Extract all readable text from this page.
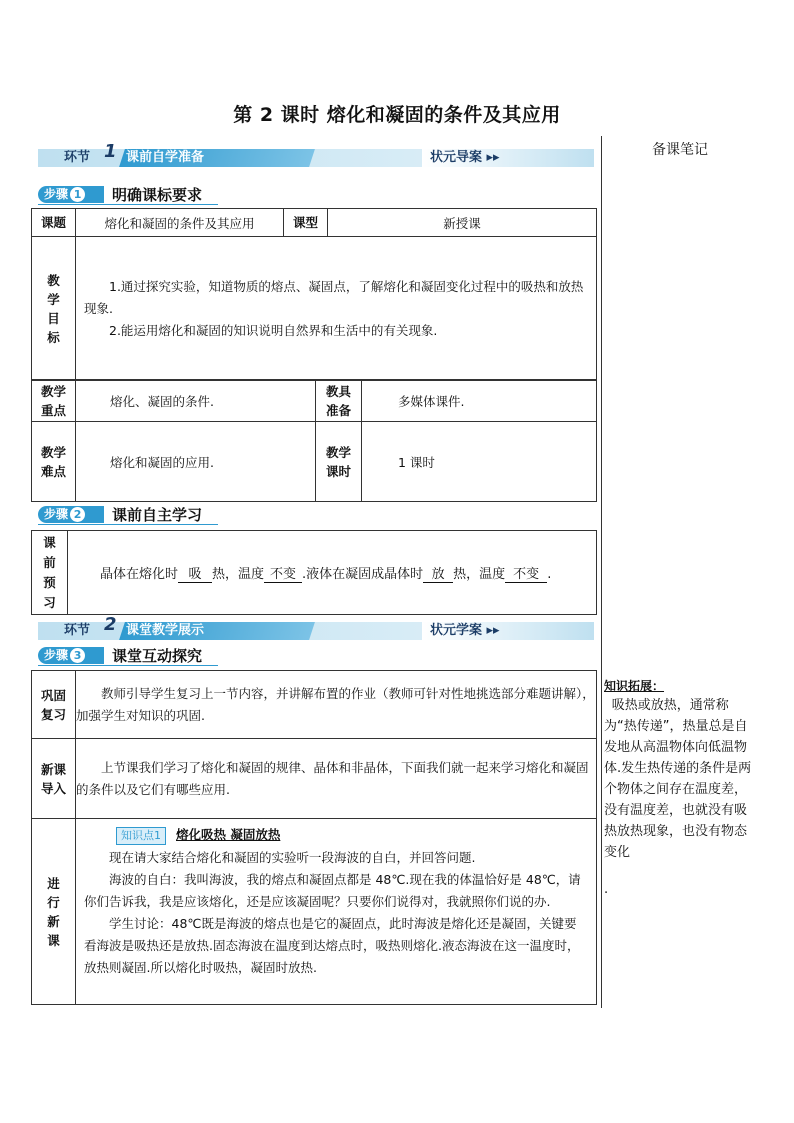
第 2 课时 熔化和凝固的条件及其应用
备课笔记
环节 1 课前自学准备	状元导案 ▸▸
步骤 1	明确课标要求
课题	熔化和凝固的条件及其应用	课型	新授课
教学目标	1.通过探究实验，知道物质的熔点、凝固点，了解熔化和凝固变化过程中的吸热和放热现象.
2.能运用熔化和凝固的知识说明自然界和生活中的有关现象.		
教学重点	熔化、凝固的条件.	教具准备	多媒体课件.
教学难点	熔化和凝固的应用.	教学课时	1 课时
步骤 2	课前自主学习
课前预习	晶体在熔化时 吸 热，温度 不变 .液体在凝固成晶体时 放 热，温度 不变 .
环节 2 课堂教学展示	状元学案 ▸▸
步骤 3	课堂互动探究
巩固复习	教师引导学生复习上一节内容，并讲解布置的作业（教师可针对性地挑选部分难题讲解），加强学生对知识的巩固.
新课导入	上节课我们学习了熔化和凝固的规律、晶体和非晶体，下面我们就一起来学习熔化和凝固的条件以及它们有哪些应用.
进行新课	知识点1 熔化吸热 凝固放热
现在请大家结合熔化和凝固的实验听一段海波的自白，并回答问题.
海波的自白：我叫海波，我的熔点和凝固点都是 48℃.现在我的体温恰好是 48℃，请你们告诉我，我是应该熔化，还是应该凝固呢？只要你们说得对，我就照你们说的办.
学生讨论：48℃既是海波的熔点也是它的凝固点，此时海波是熔化还是凝固，关键要看海波是吸热还是放热.固态海波在温度到达熔点时，吸热则熔化.液态海波在这一温度时，放热则凝固.所以熔化时吸热，凝固时放热.
知识拓展：
吸热或放热，通常称为“热传递”，热量总是自发地从高温物体向低温物体.发生热传递的条件是两个物体之间存在温度差，没有温度差，也就没有吸热放热现象，也没有物态变化
.
